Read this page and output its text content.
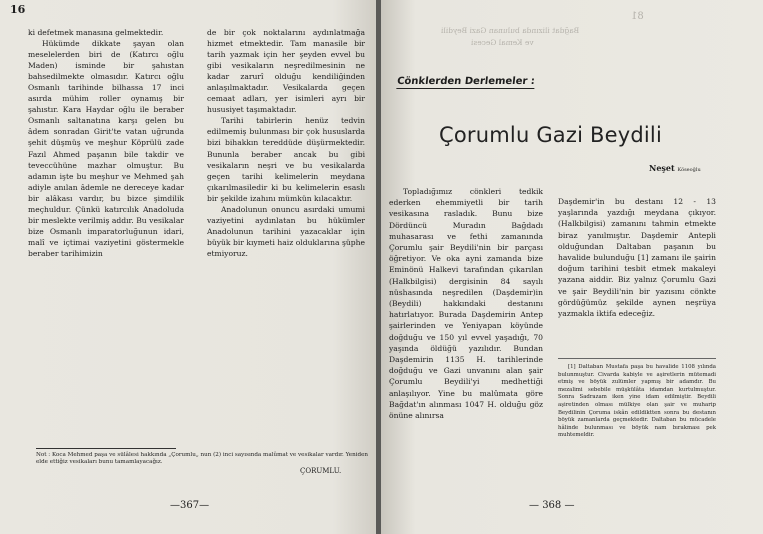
16

ki defetmek manasına gelmektedir.

Hükümde dikkate şayan olan meselelerden biri de (Katırcı oğlu Maden) isminde bir şahıstan bahsedilmekte olmasıdır. Katırcı oğlu Osmanlı tarihinde bilhassa 17 inci asırda mühim roller oynamış bir şahıstır. Kara Haydar oğlu ile beraber Osmanlı saltanatına karşı gelen bu âdem sonradan Girit'te vatan uğrunda şehit düşmüş ve meşhur Köprülü zade Fazıl Ahmed paşanın bile takdir ve teveccühüne mazhar olmuştur. Bu adamın işte bu meşhur ve Mehmed şah adiyle anılan âdemle ne dereceye kadar bir alâkası vardır, bu bizce şimdilik meçhuldur. Çünkü katırcılık Anadoluda bir meslekte verilmiş addır. Bu vesikalar bize Osmanlı imparatorluğunun idari, malî ve içtimai vaziyetini göstermekle beraber tarihimizin

de bir çok noktalarını aydınlatmağa hizmet etmektedir. Tam manasile bir tarih yazmak için her şeyden evvel bu gibi vesikaların neşredilmesinin ne kadar zarurî olduğu kendiliğinden anlaşılmaktadır. Vesikalarda geçen cemaat adları, yer isimleri ayrı bir hususiyet taşımaktadır.

Tarihi tabirlerin henüz tedvin edilmemiş bulunması bir çok hususlarda bizi bihakkın tereddüde düşürmektedir. Bununla beraber ancak bu gibi vesikaların neşri ve bu vesikalarda geçen tarihi kelimelerin meydana çıkarılmasiledir ki bu kelimelerin esaslı bir şekilde izahını mümkün kılacaktır.

Anadolunun onuncu asırdaki umumi vaziyetini aydınlatan bu hükümler Anadolunun tarihini yazacaklar için büyük bir kıymeti haiz olduklarına şüphe etmiyoruz.

Not : Koca Mehmed paşa ve sülâlesi hakkında „Çorumlu„ nun (2) inci sayısında malûmat ve vesikalar vardır. Yeniden elde ettiğiz vesikaları bunu tamamlayacağız.
ÇORUMLU.
—367—
81
Bağdat ilizında bulunan Gazi Beydili
ve Kemal Gecesi
Cönklerden Derlemeler :
Çorumlu Gazi Beydili
Neşet Köseoğlu

Topladığımız cönkleri tedkik ederken ehemmiyetli bir tarih vesikasına rasladık. Bunu bize Dördüncü Muradın Bağdadı muhasarası ve fethi zamanında Çorumlu şair Beydili'nin bir parçası öğretiyor. Ve oka ayni zamanda bize Eminönü Halkevi tarafından çıkarılan (Halkbilgisi) dergisinin 84 sayılı nüshasında neşredilen (Daşdemir)in (Beydili) hakkındaki destanını hatırlatıyor. Burada Daşdemirin Antep şairlerinden ve Yeniyapan köyünde doğduğu ve 150 yıl evvel yaşadığı, 70 yaşında öldüğü yazılıdır. Bundan Daşdemirin 1135 H. tarihlerinde doğduğu ve Gazi unvanını alan şair Çorumlu Beydili'yi medhettiği anlaşılıyor. Yine bu malûmata göre Bağdat'ın alınması 1047 H. olduğu göz önüne alınırsa

Daşdemir'in bu destanı 12 - 13 yaşlarında yazdığı meydana çıkıyor. (Halkbilgisi) zamanını tahmin etmekte biraz yanılmıştır. Daşdemir Antepli olduğundan Daltaban paşanın bu havalide bulunduğu [1] zamanı ile şairin doğum tarihini tesbit etmek makaleyi yazana aiddir. Biz yalnız Çorumlu Gazi ve şair Beydili'nin bir yazısını cönkte gördüğümüz şekilde aynen neşrüya yazmakla iktifa edeceğiz.

[1] Daltaban Mustafa paşa bu havalide 1108 yılında bulunmuştur. Civarda kabiyle ve aşiretlerin mütemadi etmiş ve böyük zulümler yapmış bir adamdır. Bu mezalimi sebebile müşkülâta idamdan kurtulmuştur. Sonra Sadrazam iken yine idam edilmiştir. Beydili aşiretinden olması mülkiye olan şair ve muharip Beydilinin Çoruma iskân edildiktten sonra bu destanın böyük zamanlarda geçmektedir. Daltaban bu mücadele hâlinde bulunması ve böyük nam bırakması pek muhtemeldir.
— 368 —
